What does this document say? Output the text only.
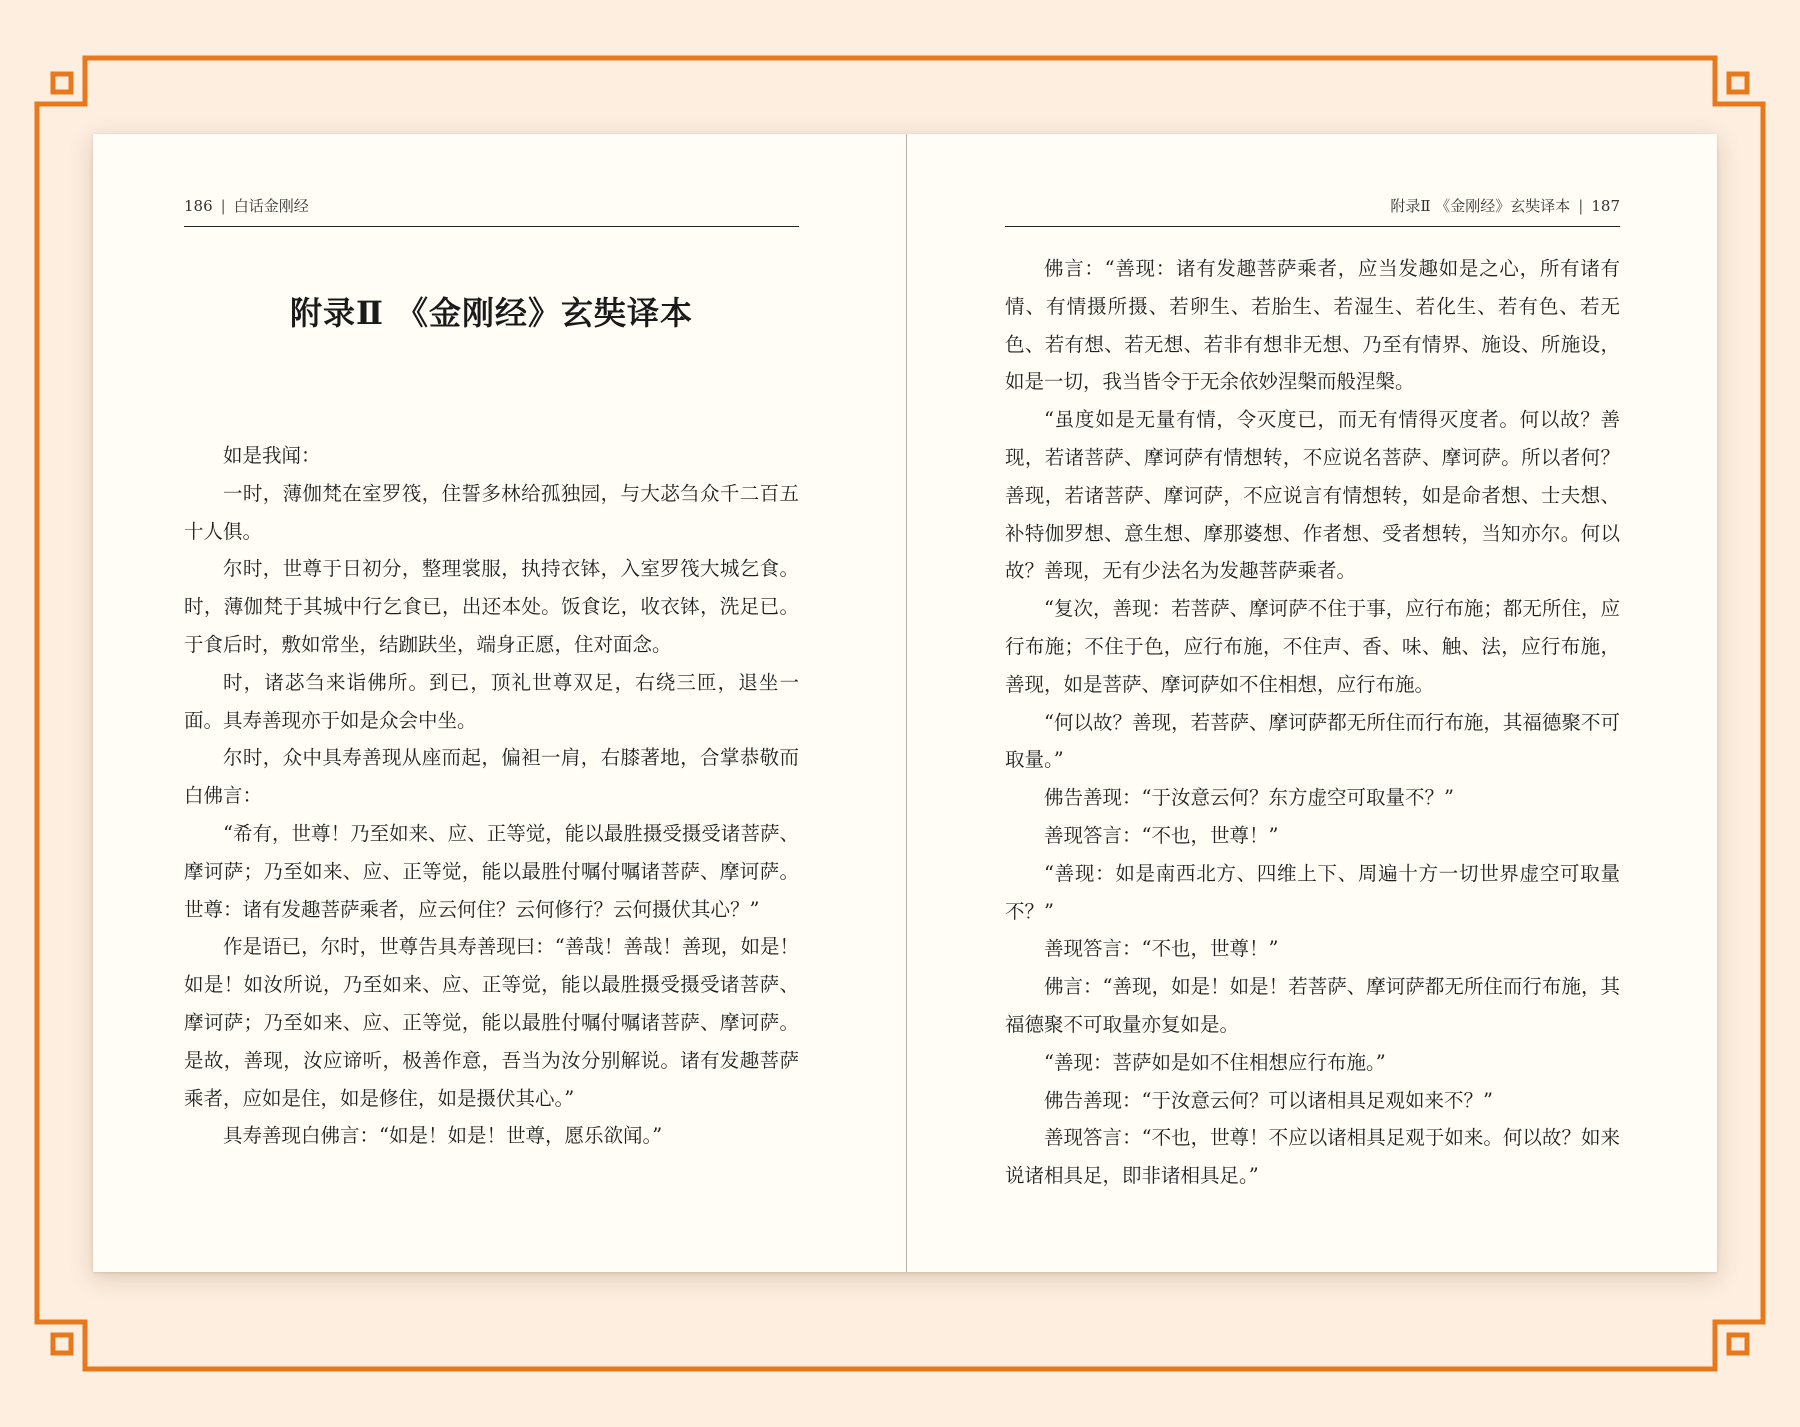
186 | 白话金刚经
附录Ⅱ 《金刚经》玄奘译本

如是我闻：

一时，薄伽梵在室罗筏，住誓多林给孤独园，与大苾刍众千二百五十人俱。

尔时，世尊于日初分，整理裳服，执持衣钵，入室罗筏大城乞食。时，薄伽梵于其城中行乞食已，出还本处。饭食讫，收衣钵，洗足已。于食后时，敷如常坐，结跏趺坐，端身正愿，住对面念。

时，诸苾刍来诣佛所。到已，顶礼世尊双足，右绕三匝，退坐一面。具寿善现亦于如是众会中坐。

尔时，众中具寿善现从座而起，偏袒一肩，右膝著地，合掌恭敬而白佛言：

“希有，世尊！乃至如来、应、正等觉，能以最胜摄受摄受诸菩萨、摩诃萨；乃至如来、应、正等觉，能以最胜付嘱付嘱诸菩萨、摩诃萨。世尊：诸有发趣菩萨乘者，应云何住？云何修行？云何摄伏其心？”

作是语已，尔时，世尊告具寿善现曰：“善哉！善哉！善现，如是！如是！如汝所说，乃至如来、应、正等觉，能以最胜摄受摄受诸菩萨、摩诃萨；乃至如来、应、正等觉，能以最胜付嘱付嘱诸菩萨、摩诃萨。是故，善现，汝应谛听，极善作意，吾当为汝分别解说。诸有发趣菩萨乘者，应如是住，如是修住，如是摄伏其心。”

具寿善现白佛言：“如是！如是！世尊，愿乐欲闻。”

附录Ⅱ 《金刚经》玄奘译本 | 187

佛言：“善现：诸有发趣菩萨乘者，应当发趣如是之心，所有诸有情、有情摄所摄、若卵生、若胎生、若湿生、若化生、若有色、若无色、若有想、若无想、若非有想非无想、乃至有情界、施设、所施设，如是一切，我当皆令于无余依妙涅槃而般涅槃。

“虽度如是无量有情，令灭度已，而无有情得灭度者。何以故？善现，若诸菩萨、摩诃萨有情想转，不应说名菩萨、摩诃萨。所以者何？善现，若诸菩萨、摩诃萨，不应说言有情想转，如是命者想、士夫想、补特伽罗想、意生想、摩那婆想、作者想、受者想转，当知亦尔。何以故？善现，无有少法名为发趣菩萨乘者。

“复次，善现：若菩萨、摩诃萨不住于事，应行布施；都无所住，应行布施；不住于色，应行布施，不住声、香、味、触、法，应行布施，善现，如是菩萨、摩诃萨如不住相想，应行布施。

“何以故？善现，若菩萨、摩诃萨都无所住而行布施，其福德聚不可取量。”

佛告善现：“于汝意云何？东方虚空可取量不？”

善现答言：“不也，世尊！”

“善现：如是南西北方、四维上下、周遍十方一切世界虚空可取量不？”

善现答言：“不也，世尊！”

佛言：“善现，如是！如是！若菩萨、摩诃萨都无所住而行布施，其福德聚不可取量亦复如是。

“善现：菩萨如是如不住相想应行布施。”

佛告善现：“于汝意云何？可以诸相具足观如来不？”

善现答言：“不也，世尊！不应以诸相具足观于如来。何以故？如来说诸相具足，即非诸相具足。”
